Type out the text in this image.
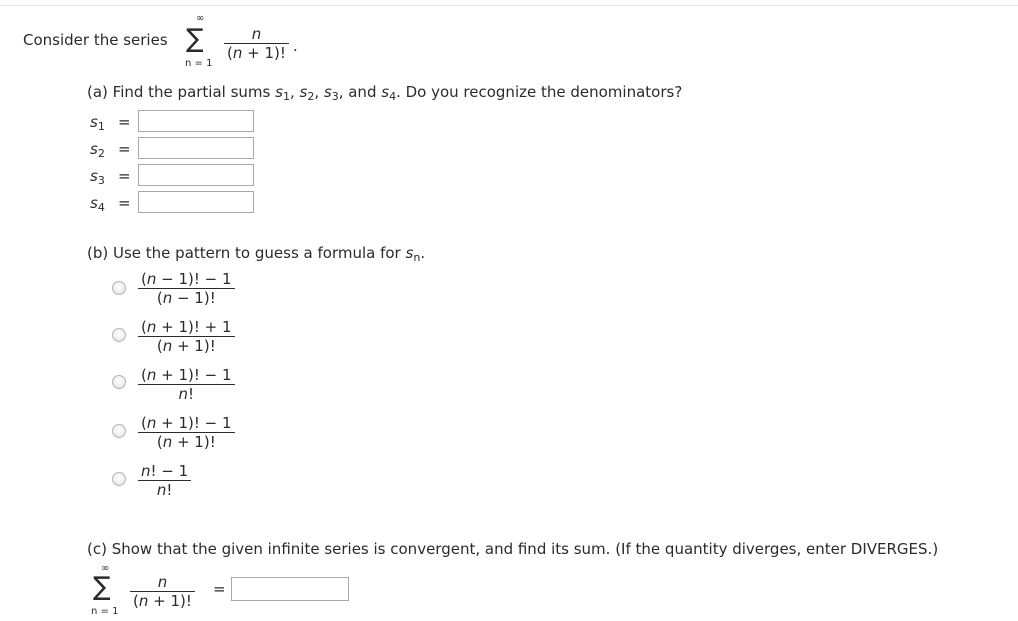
Consider the series
∞
∑
n = 1
n
(n + 1)! .
(a) Find the partial sums $s_1$, $s_2$, $s_3$, and $s_4$. Do you recognize the denominators?
$s_1$ =
$s_2$ =
$s_3$ =
$s_4$ =
(b) Use the pattern to guess a formula for $s_n$.
(n − 1)! − 1
(n − 1)!
(n + 1)! + 1
(n + 1)!
(n + 1)! − 1
n!
(n + 1)! − 1
(n + 1)!
n! − 1
n!
(c) Show that the given infinite series is convergent, and find its sum. (If the quantity diverges, enter DIVERGES.)
∞
∑
n = 1
n
(n + 1)!
=
